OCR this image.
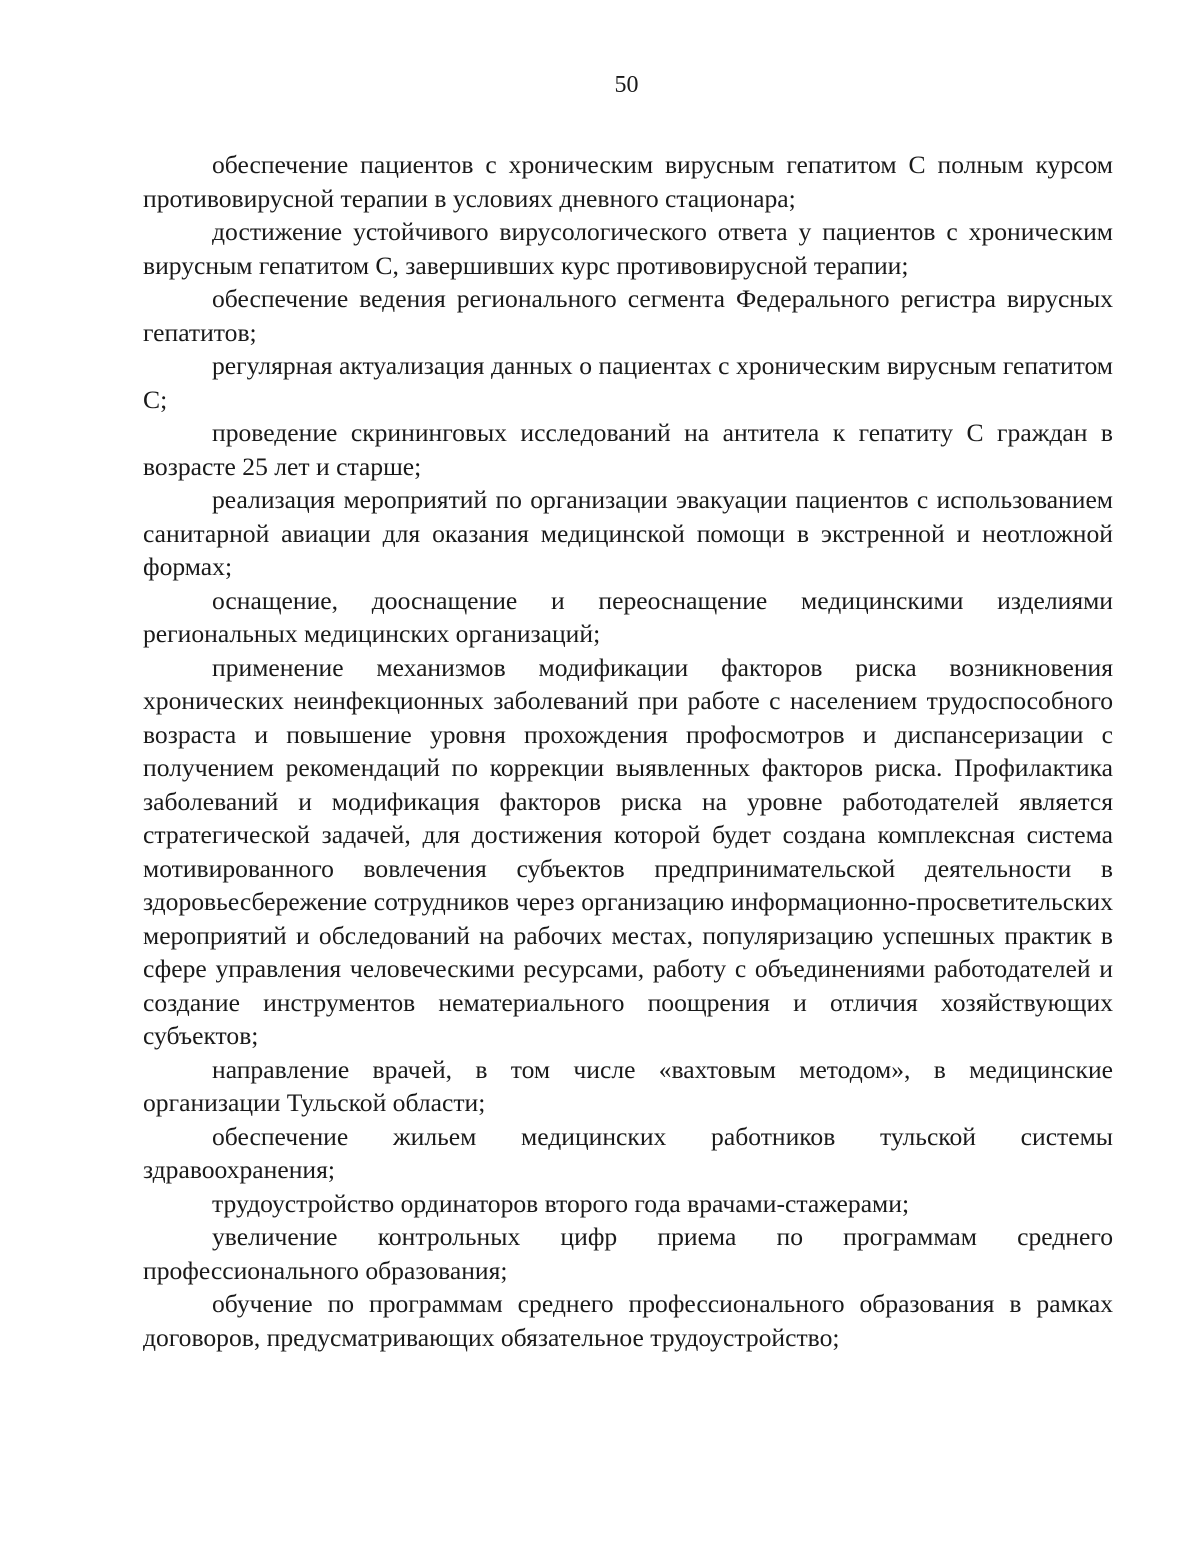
50

обеспечение пациентов с хроническим вирусным гепатитом С полным курсом противовирусной терапии в условиях дневного стационара;

достижение устойчивого вирусологического ответа у пациентов с хроническим вирусным гепатитом С, завершивших курс противовирусной терапии;

обеспечение ведения регионального сегмента Федерального регистра вирусных гепатитов;

регулярная актуализация данных о пациентах с хроническим вирусным гепатитом С;

проведение скрининговых исследований на антитела к гепатиту С граждан в возрасте 25 лет и старше;

реализация мероприятий по организации эвакуации пациентов с использованием санитарной авиации для оказания медицинской помощи в экстренной и неотложной формах;

оснащение, дооснащение и переоснащение медицинскими изделиями региональных медицинских организаций;

применение механизмов модификации факторов риска возникновения хронических неинфекционных заболеваний при работе с населением трудоспособного возраста и повышение уровня прохождения профосмотров и диспансеризации с получением рекомендаций по коррекции выявленных факторов риска. Профилактика заболеваний и модификация факторов риска на уровне работодателей является стратегической задачей, для достижения которой будет создана комплексная система мотивированного вовлечения субъектов предпринимательской деятельности в здоровьесбережение сотрудников через организацию информационно-просветительских мероприятий и обследований на рабочих местах, популяризацию успешных практик в сфере управления человеческими ресурсами, работу с объединениями работодателей и создание инструментов нематериального поощрения и отличия хозяйствующих субъектов;

направление врачей, в том числе «вахтовым методом», в медицинские организации Тульской области;

обеспечение жильем медицинских работников тульской системы здравоохранения;

трудоустройство ординаторов второго года врачами-стажерами;

увеличение контрольных цифр приема по программам среднего профессионального образования;

обучение по программам среднего профессионального образования в рамках договоров, предусматривающих обязательное трудоустройство;
